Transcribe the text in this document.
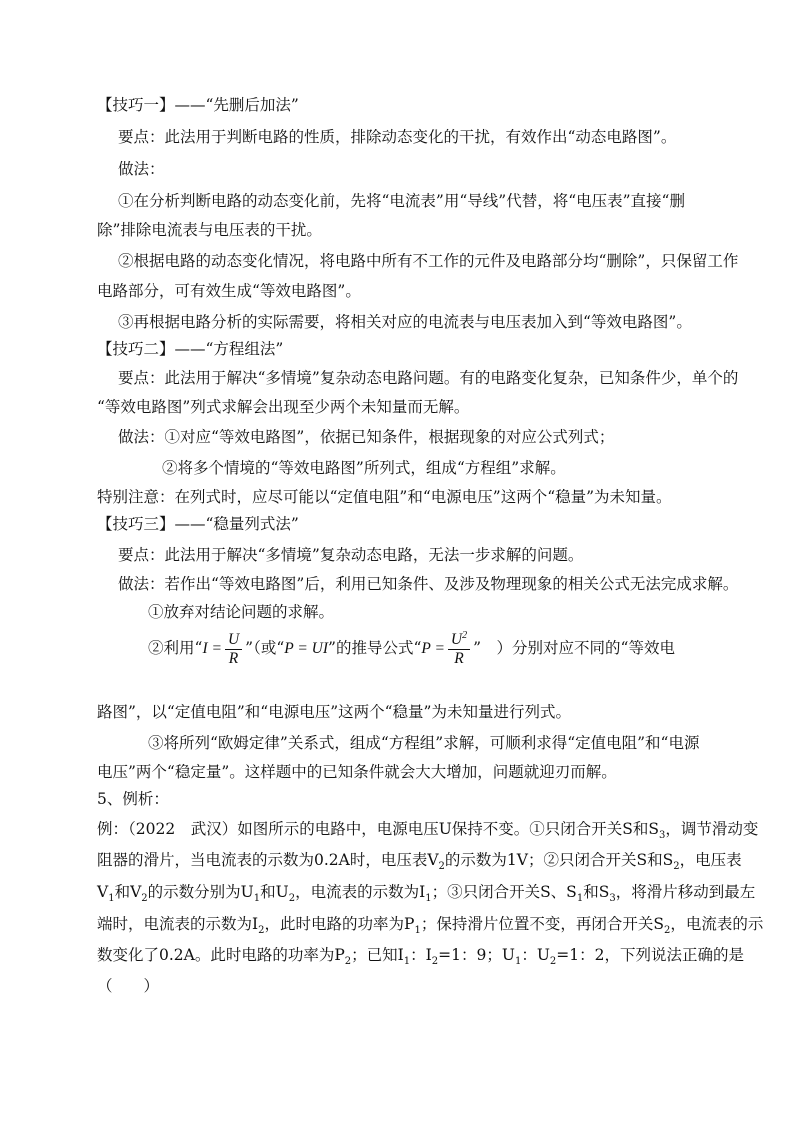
【技巧一】——“先删后加法”
要点：此法用于判断电路的性质，排除动态变化的干扰，有效作出“动态电路图”。
做法：
①在分析判断电路的动态变化前，先将“电流表”用“导线”代替，将“电压表”直接“删
除”排除电流表与电压表的干扰。
②根据电路的动态变化情况，将电路中所有不工作的元件及电路部分均“删除”，只保留工作
电路部分，可有效生成“等效电路图”。
③再根据电路分析的实际需要，将相关对应的电流表与电压表加入到“等效电路图”。
【技巧二】——“方程组法”
要点：此法用于解决“多情境”复杂动态电路问题。有的电路变化复杂，已知条件少，单个的
“等效电路图”列式求解会出现至少两个未知量而无解。
做法：①对应“等效电路图”，依据已知条件，根据现象的对应公式列式；
②将多个情境的“等效电路图”所列式，组成“方程组”求解。
特别注意：在列式时，应尽可能以“定值电阻”和“电源电压”这两个“稳量”为未知量。
【技巧三】——“稳量列式法”
要点：此法用于解决“多情境”复杂动态电路，无法一步求解的问题。
做法：若作出“等效电路图”后，利用已知条件、及涉及物理现象的相关公式无法完成求解。
①放弃对结论问题的求解。
②利用“$I = \frac{U}{R}$ ”（或“P = UI”的推导公式“$P = \frac{U^2}{R}$ ”　）分别对应不同的“等效电
路图”，以“定值电阻”和“电源电压”这两个“稳量”为未知量进行列式。
③将所列“欧姆定律”关系式，组成“方程组”求解，可顺利求得“定值电阻”和“电源
电压”两个“稳定量”。这样题中的已知条件就会大大增加，问题就迎刃而解。
5、例析：
例：（2022　武汉）如图所示的电路中，电源电压U保持不变。①只闭合开关S和$S_3$，调节滑动变
阻器的滑片，当电流表的示数为0.2A时，电压表$V_2$的示数为1V；②只闭合开关S和$S_2$，电压表
$V_1$和$V_2$的示数分别为$U_1$和$U_2$，电流表的示数为$I_1$；③只闭合开关S、$S_1$和$S_3$，将滑片移动到最左
端时，电流表的示数为$I_2$，此时电路的功率为$P_1$；保持滑片位置不变，再闭合开关$S_2$，电流表的示
数变化了0.2A。此时电路的功率为$P_2$；已知$I_1$：$I_2=1$：9；$U_1$：$U_2=1$：2，下列说法正确的是
（　　）
